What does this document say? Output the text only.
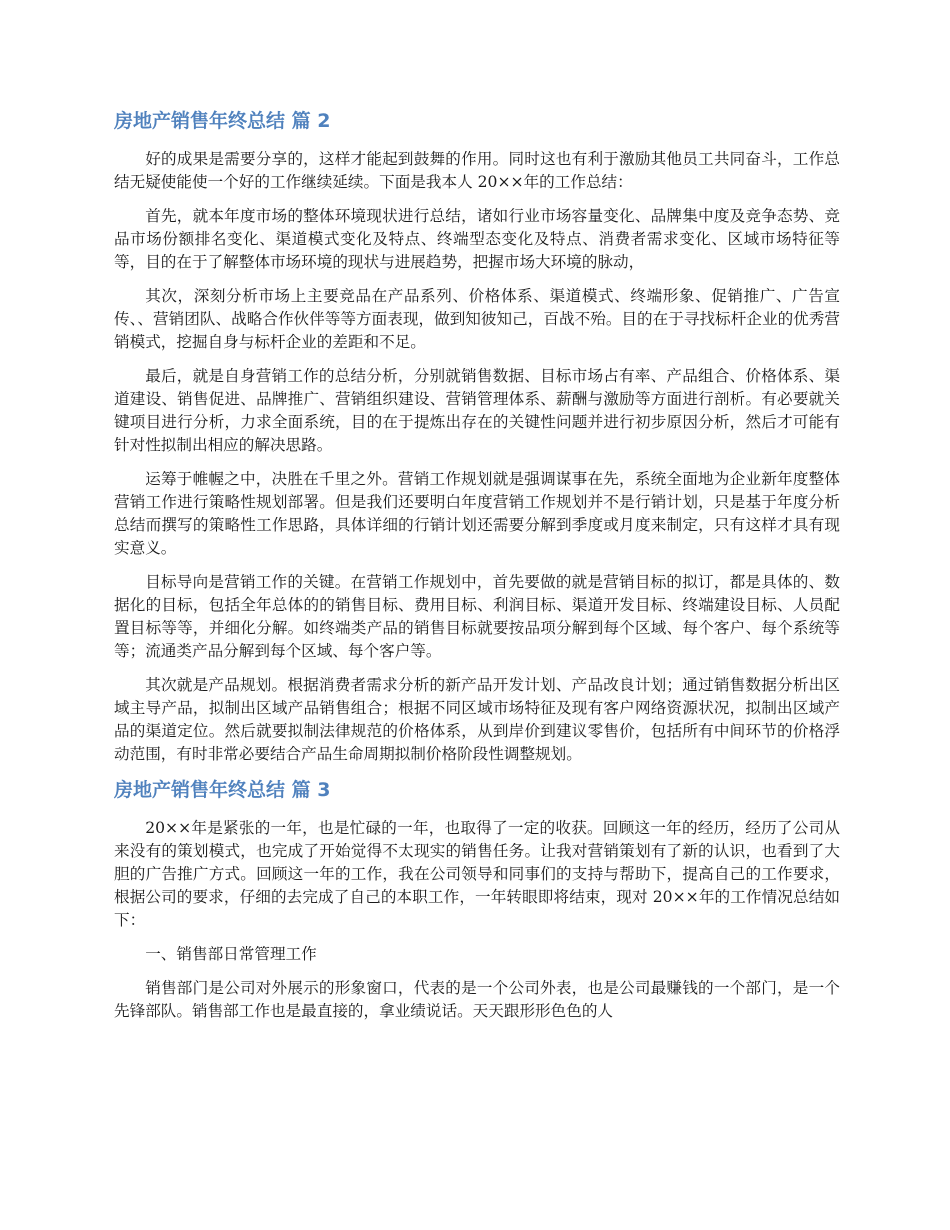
房地产销售年终总结 篇 2

好的成果是需要分享的，这样才能起到鼓舞的作用。同时这也有利于激励其他员工共同奋斗，工作总结无疑使能使一个好的工作继续延续。下面是我本人 20××年的工作总结：

首先，就本年度市场的整体环境现状进行总结，诸如行业市场容量变化、品牌集中度及竞争态势、竞品市场份额排名变化、渠道模式变化及特点、终端型态变化及特点、消费者需求变化、区域市场特征等等，目的在于了解整体市场环境的现状与进展趋势，把握市场大环境的脉动，

其次，深刻分析市场上主要竞品在产品系列、价格体系、渠道模式、终端形象、促销推广、广告宣传、、营销团队、战略合作伙伴等等方面表现，做到知彼知己，百战不殆。目的在于寻找标杆企业的优秀营销模式，挖掘自身与标杆企业的差距和不足。

最后，就是自身营销工作的总结分析，分别就销售数据、目标市场占有率、产品组合、价格体系、渠道建设、销售促进、品牌推广、营销组织建设、营销管理体系、薪酬与激励等方面进行剖析。有必要就关键项目进行分析，力求全面系统，目的在于提炼出存在的关键性问题并进行初步原因分析，然后才可能有针对性拟制出相应的解决思路。

运筹于帷幄之中，决胜在千里之外。营销工作规划就是强调谋事在先，系统全面地为企业新年度整体营销工作进行策略性规划部署。但是我们还要明白年度营销工作规划并不是行销计划，只是基于年度分析总结而撰写的策略性工作思路，具体详细的行销计划还需要分解到季度或月度来制定，只有这样才具有现实意义。

目标导向是营销工作的关键。在营销工作规划中，首先要做的就是营销目标的拟订，都是具体的、数据化的目标，包括全年总体的的销售目标、费用目标、利润目标、渠道开发目标、终端建设目标、人员配置目标等等，并细化分解。如终端类产品的销售目标就要按品项分解到每个区域、每个客户、每个系统等等；流通类产品分解到每个区域、每个客户等。

其次就是产品规划。根据消费者需求分析的新产品开发计划、产品改良计划；通过销售数据分析出区域主导产品，拟制出区域产品销售组合；根据不同区域市场特征及现有客户网络资源状况，拟制出区域产品的渠道定位。然后就要拟制法律规范的价格体系，从到岸价到建议零售价，包括所有中间环节的价格浮动范围，有时非常必要结合产品生命周期拟制价格阶段性调整规划。

房地产销售年终总结 篇 3

20××年是紧张的一年，也是忙碌的一年，也取得了一定的收获。回顾这一年的经历，经历了公司从来没有的策划模式，也完成了开始觉得不太现实的销售任务。让我对营销策划有了新的认识，也看到了大胆的广告推广方式。回顾这一年的工作，我在公司领导和同事们的支持与帮助下，提高自己的工作要求，根据公司的要求，仔细的去完成了自己的本职工作，一年转眼即将结束，现对 20××年的工作情况总结如下：

一、销售部日常管理工作

销售部门是公司对外展示的形象窗口，代表的是一个公司外表，也是公司最赚钱的一个部门，是一个先锋部队。销售部工作也是最直接的，拿业绩说话。天天跟形形色色的人
